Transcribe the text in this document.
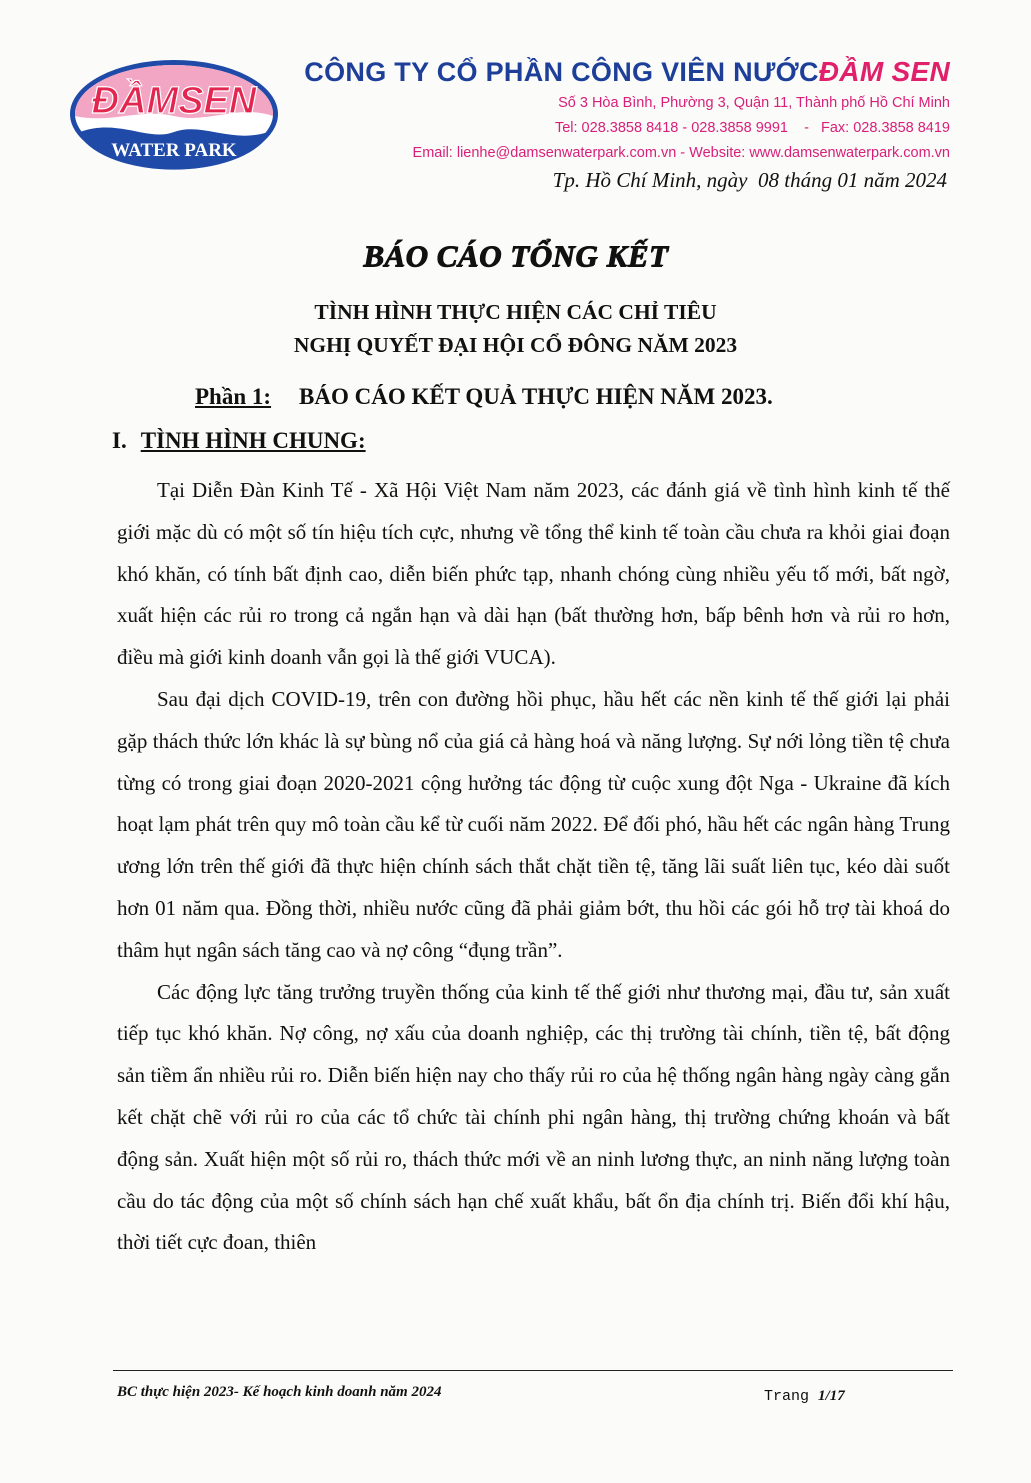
ĐẦMSEN
WATER PARK
CÔNG TY CỔ PHẦN CÔNG VIÊN NƯỚCĐẦM SEN
Số 3 Hòa Bình, Phường 3, Quận 11, Thành phố Hồ Chí Minh
Tel: 028.3858 8418 - 028.3858 9991    -   Fax: 028.3858 8419
Email: lienhe@damsenwaterpark.com.vn - Website: www.damsenwaterpark.com.vn
Tp. Hồ Chí Minh, ngày  08 tháng 01 năm 2024
BÁO CÁO TỔNG KẾT
TÌNH HÌNH THỰC HIỆN CÁC CHỈ TIÊU
NGHỊ QUYẾT ĐẠI HỘI CỔ ĐÔNG NĂM 2023
Phần 1: BÁO CÁO KẾT QUẢ THỰC HIỆN NĂM 2023.
I. TÌNH HÌNH CHUNG:

Tại Diễn Đàn Kinh Tế - Xã Hội Việt Nam năm 2023, các đánh giá về tình hình kinh tế thế giới mặc dù có một số tín hiệu tích cực, nhưng về tổng thể kinh tế toàn cầu chưa ra khỏi giai đoạn khó khăn, có tính bất định cao, diễn biến phức tạp, nhanh chóng cùng nhiều yếu tố mới, bất ngờ, xuất hiện các rủi ro trong cả ngắn hạn và dài hạn (bất thường hơn, bấp bênh hơn và rủi ro hơn, điều mà giới kinh doanh vẫn gọi là thế giới VUCA).

Sau đại dịch COVID-19, trên con đường hồi phục, hầu hết các nền kinh tế thế giới lại phải gặp thách thức lớn khác là sự bùng nổ của giá cả hàng hoá và năng lượng. Sự nới lỏng tiền tệ chưa từng có trong giai đoạn 2020-2021 cộng hưởng tác động từ cuộc xung đột Nga - Ukraine đã kích hoạt lạm phát trên quy mô toàn cầu kể từ cuối năm 2022. Để đối phó, hầu hết các ngân hàng Trung ương lớn trên thế giới đã thực hiện chính sách thắt chặt tiền tệ, tăng lãi suất liên tục, kéo dài suốt hơn 01 năm qua. Đồng thời, nhiều nước cũng đã phải giảm bớt, thu hồi các gói hỗ trợ tài khoá do thâm hụt ngân sách tăng cao và nợ công “đụng trần”.

Các động lực tăng trưởng truyền thống của kinh tế thế giới như thương mại, đầu tư, sản xuất tiếp tục khó khăn. Nợ công, nợ xấu của doanh nghiệp, các thị trường tài chính, tiền tệ, bất động sản tiềm ẩn nhiều rủi ro. Diễn biến hiện nay cho thấy rủi ro của hệ thống ngân hàng ngày càng gắn kết chặt chẽ với rủi ro của các tổ chức tài chính phi ngân hàng, thị trường chứng khoán và bất động sản. Xuất hiện một số rủi ro, thách thức mới về an ninh lương thực, an ninh năng lượng toàn cầu do tác động của một số chính sách hạn chế xuất khẩu, bất ổn địa chính trị. Biến đổi khí hậu, thời tiết cực đoan, thiên

BC thực hiện 2023- Kế hoạch kinh doanh năm 2024	Trang 1/17
